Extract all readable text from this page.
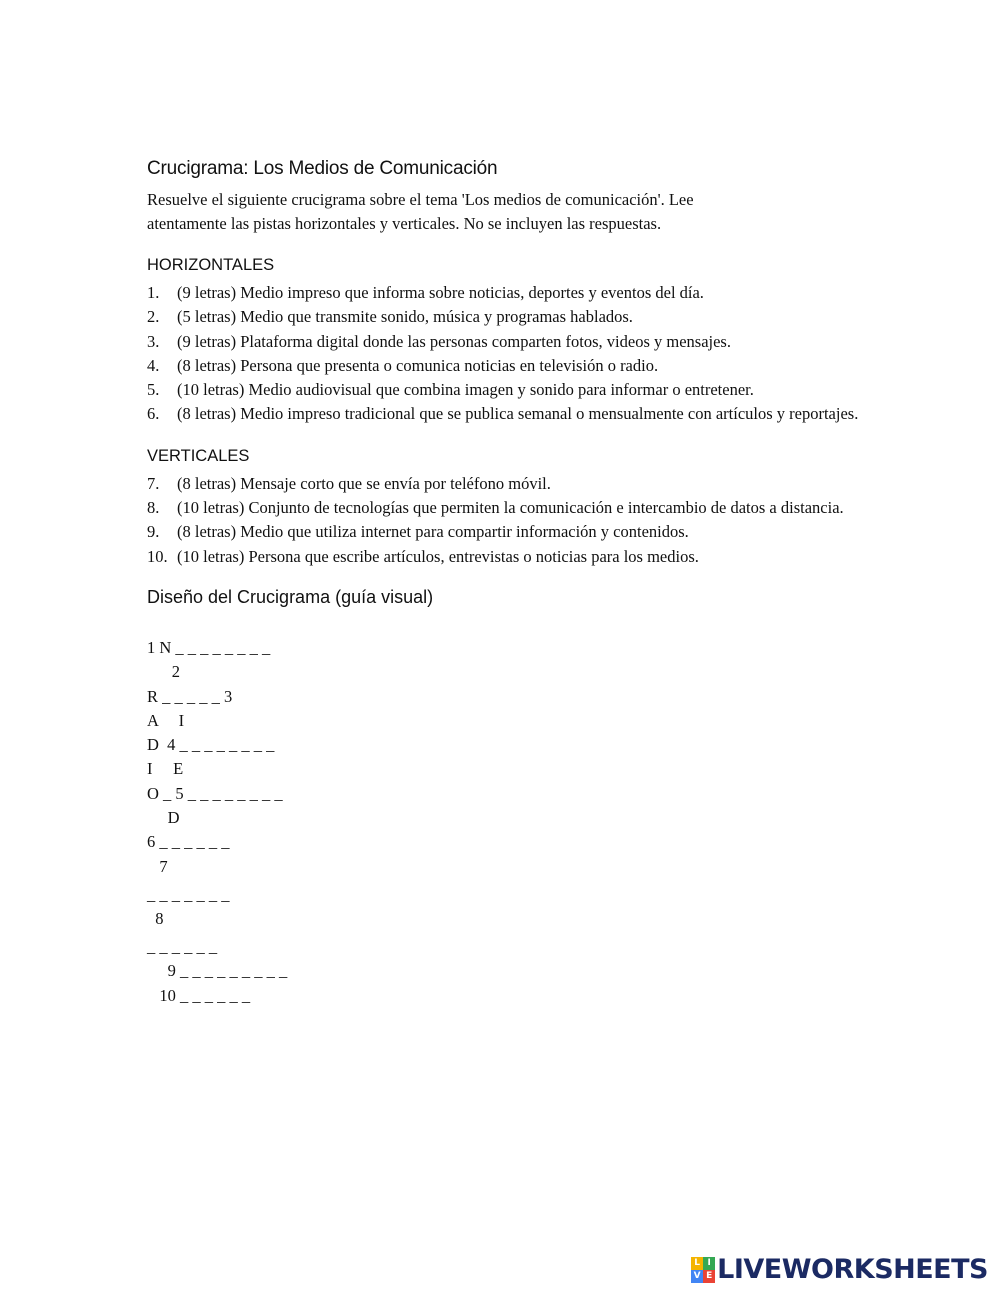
Crucigrama: Los Medios de Comunicación

Resuelve el siguiente crucigrama sobre el tema 'Los medios de comunicación'. Lee
atentamente las pistas horizontales y verticales. No se incluyen las respuestas.

HORIZONTALES
1. (9 letras) Medio impreso que informa sobre noticias, deportes y eventos del día.
2. (5 letras) Medio que transmite sonido, música y programas hablados.
3. (9 letras) Plataforma digital donde las personas comparten fotos, videos y mensajes.
4. (8 letras) Persona que presenta o comunica noticias en televisión o radio.
5. (10 letras) Medio audiovisual que combina imagen y sonido para informar o entretener.
6. (8 letras) Medio impreso tradicional que se publica semanal o mensualmente con artículos y reportajes.
VERTICALES
7. (8 letras) Mensaje corto que se envía por teléfono móvil.
8. (10 letras) Conjunto de tecnologías que permiten la comunicación e intercambio de datos a distancia.
9. (8 letras) Medio que utiliza internet para compartir información y contenidos.
10. (10 letras) Persona que escribe artículos, entrevistas o noticias para los medios.
Diseño del Crucigrama (guía visual)
1 N _ _ _ _ _ _ _ _
2
R _ _ _ _ _ 3
A     I
D  4 _ _ _ _ _ _ _ _
I     E
O _ 5 _ _ _ _ _ _ _ _
D
6 _ _ _ _ _ _
7
_ _ _ _ _ _ _
8
_ _ _ _ _ _
9 _ _ _ _ _ _ _ _ _
10 _ _ _ _ _ _
L I
V E LIVEWORKSHEETS
